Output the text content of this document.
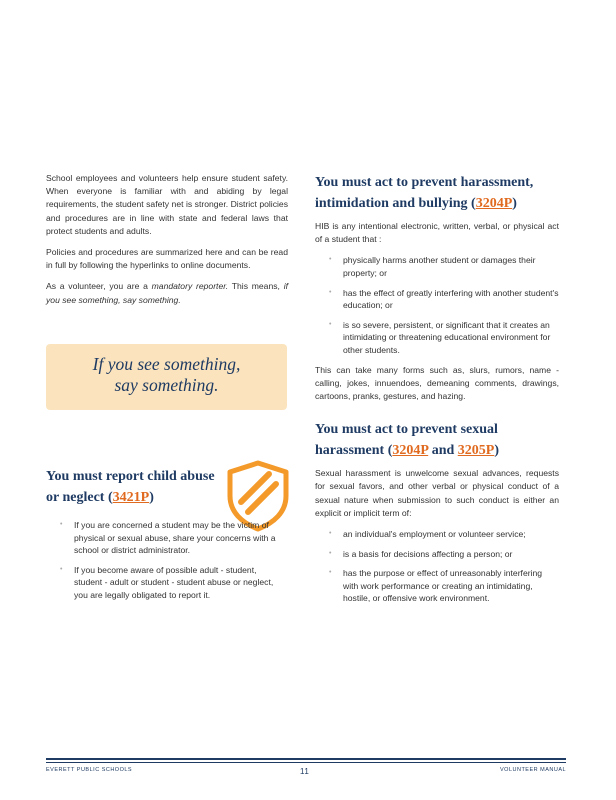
School employees and volunteers help ensure student safety. When everyone is familiar with and abiding by legal requirements, the student safety net is stronger. District policies and procedures are in line with state and federal laws that protect students and adults.

Policies and procedures are summarized here and can be read in full by following the hyperlinks to online documents.

As a volunteer, you are a mandatory reporter. This means, if you see something, say something.

If you see something,
say something.
You must report child abuse or neglect (3421P)
• If you are concerned a student may be the victim of physical or sexual abuse, share your concerns with a school or district administrator.
• If you become aware of possible adult - student, student - adult or student - student abuse or neglect, you are legally obligated to report it.
You must act to prevent harassment, intimidation and bullying (3204P)

HIB is any intentional electronic, written, verbal, or physical act of a student that :

• physically harms another student or damages their property; or
• has the effect of greatly interfering with another student's education; or
• is so severe, persistent, or significant that it creates an intimidating or threatening educational environment for other students.

This can take many forms such as, slurs, rumors, name - calling, jokes, innuendoes, demeaning comments, drawings, cartoons, pranks, gestures, and hazing.

You must act to prevent sexual harassment (3204P and 3205P)

Sexual harassment is unwelcome sexual advances, requests for sexual favors, and other verbal or physical conduct of a sexual nature when submission to such conduct is either an explicit or implicit term of:

• an individual's employment or volunteer service;
• is a basis for decisions affecting a person; or
• has the purpose or effect of unreasonably interfering with work performance or creating an intimidating, hostile, or offensive work environment.
EVERETT PUBLIC SCHOOLS	11	VOLUNTEER MANUAL
